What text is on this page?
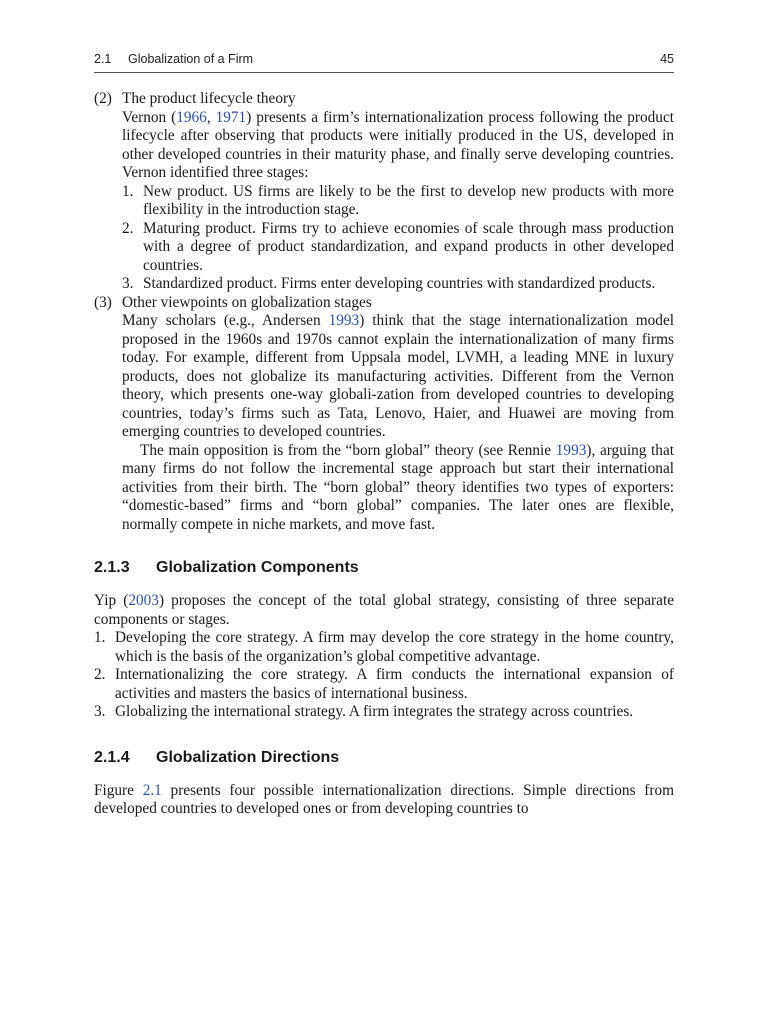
2.1 Globalization of a Firm	45
(2) The product lifecycle theory

Vernon (1966, 1971) presents a firm’s internationalization process following the product lifecycle after observing that products were initially produced in the US, developed in other developed countries in their maturity phase, and finally serve developing countries. Vernon identified three stages:

1. New product. US firms are likely to be the first to develop new products with more flexibility in the introduction stage.
2. Maturing product. Firms try to achieve economies of scale through mass production with a degree of product standardization, and expand products in other developed countries.
3. Standardized product. Firms enter developing countries with standardized products.
(3) Other viewpoints on globalization stages

Many scholars (e.g., Andersen 1993) think that the stage internationalization model proposed in the 1960s and 1970s cannot explain the internationalization of many firms today. For example, different from Uppsala model, LVMH, a leading MNE in luxury products, does not globalize its manufacturing activities. Different from the Vernon theory, which presents one-way globali-zation from developed countries to developing countries, today’s firms such as Tata, Lenovo, Haier, and Huawei are moving from emerging countries to developed countries.

The main opposition is from the “born global” theory (see Rennie 1993), arguing that many firms do not follow the incremental stage approach but start their international activities from their birth. The “born global” theory identifies two types of exporters: “domestic-based” firms and “born global” companies. The later ones are flexible, normally compete in niche markets, and move fast.

2.1.3 Globalization Components

Yip (2003) proposes the concept of the total global strategy, consisting of three separate components or stages.

1. Developing the core strategy. A firm may develop the core strategy in the home country, which is the basis of the organization’s global competitive advantage.
2. Internationalizing the core strategy. A firm conducts the international expansion of activities and masters the basics of international business.
3. Globalizing the international strategy. A firm integrates the strategy across countries.
2.1.4 Globalization Directions

Figure 2.1 presents four possible internationalization directions. Simple directions from developed countries to developed ones or from developing countries to
